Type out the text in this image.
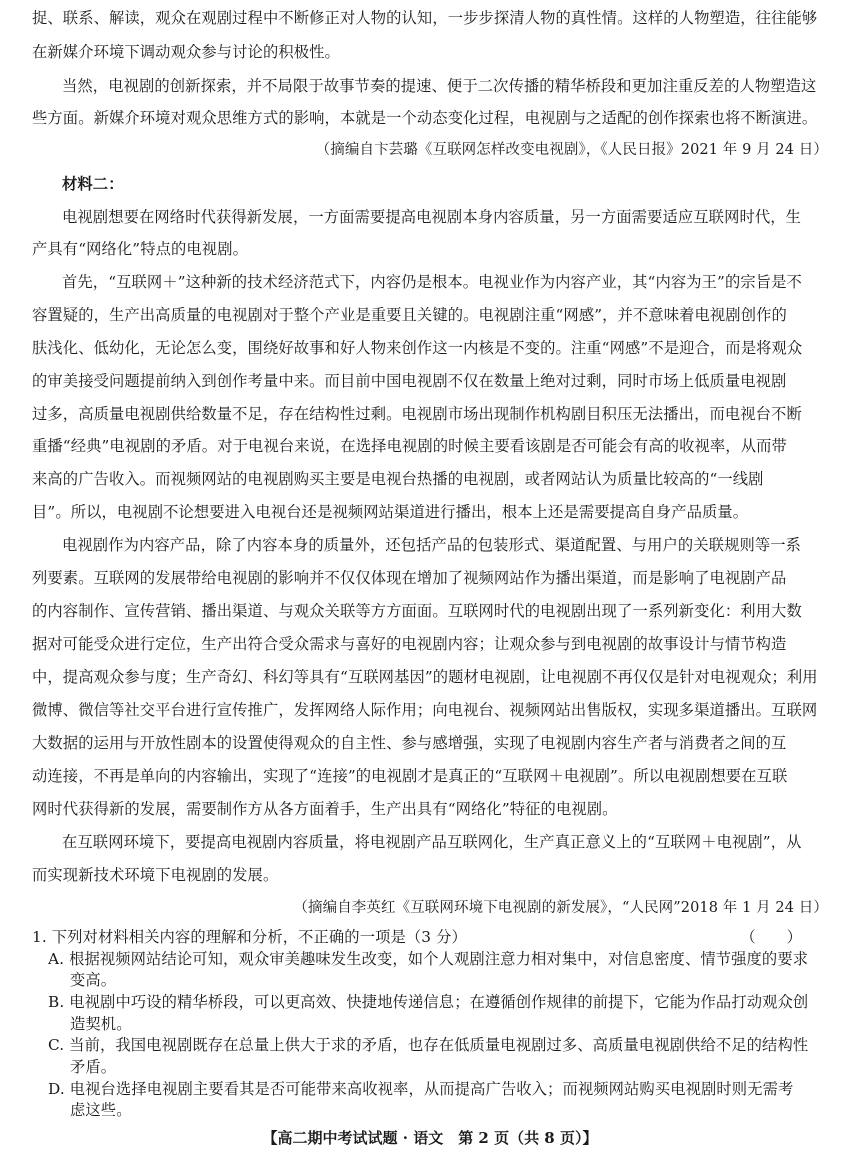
捉、联系、解读，观众在观剧过程中不断修正对人物的认知，一步步探清人物的真性情。这样的人物塑造，往往能够
在新媒介环境下调动观众参与讨论的积极性。
当然，电视剧的创新探索，并不局限于故事节奏的提速、便于二次传播的精华桥段和更加注重反差的人物塑造这
些方面。新媒介环境对观众思维方式的影响，本就是一个动态变化过程，电视剧与之适配的创作探索也将不断演进。
（摘编自卞芸璐《互联网怎样改变电视剧》，《人民日报》2021 年 9 月 24 日）
材料二：
电视剧想要在网络时代获得新发展，一方面需要提高电视剧本身内容质量，另一方面需要适应互联网时代，生
产具有“网络化”特点的电视剧。
首先，“互联网＋”这种新的技术经济范式下，内容仍是根本。电视业作为内容产业，其“内容为王”的宗旨是不
容置疑的，生产出高质量的电视剧对于整个产业是重要且关键的。电视剧注重“网感”，并不意味着电视剧创作的
肤浅化、低幼化，无论怎么变，围绕好故事和好人物来创作这一内核是不变的。注重“网感”不是迎合，而是将观众
的审美接受问题提前纳入到创作考量中来。而目前中国电视剧不仅在数量上绝对过剩，同时市场上低质量电视剧
过多，高质量电视剧供给数量不足，存在结构性过剩。电视剧市场出现制作机构剧目积压无法播出，而电视台不断
重播“经典”电视剧的矛盾。对于电视台来说，在选择电视剧的时候主要看该剧是否可能会有高的收视率，从而带
来高的广告收入。而视频网站的电视剧购买主要是电视台热播的电视剧，或者网站认为质量比较高的“一线剧
目”。所以，电视剧不论想要进入电视台还是视频网站渠道进行播出，根本上还是需要提高自身产品质量。
电视剧作为内容产品，除了内容本身的质量外，还包括产品的包装形式、渠道配置、与用户的关联规则等一系
列要素。互联网的发展带给电视剧的影响并不仅仅体现在增加了视频网站作为播出渠道，而是影响了电视剧产品
的内容制作、宣传营销、播出渠道、与观众关联等方方面面。互联网时代的电视剧出现了一系列新变化：利用大数
据对可能受众进行定位，生产出符合受众需求与喜好的电视剧内容；让观众参与到电视剧的故事设计与情节构造
中，提高观众参与度；生产奇幻、科幻等具有“互联网基因”的题材电视剧，让电视剧不再仅仅是针对电视观众；利用
微博、微信等社交平台进行宣传推广，发挥网络人际作用；向电视台、视频网站出售版权，实现多渠道播出。互联网
大数据的运用与开放性剧本的设置使得观众的自主性、参与感增强，实现了电视剧内容生产者与消费者之间的互
动连接，不再是单向的内容输出，实现了“连接”的电视剧才是真正的“互联网＋电视剧”。所以电视剧想要在互联
网时代获得新的发展，需要制作方从各方面着手，生产出具有“网络化”特征的电视剧。
在互联网环境下，要提高电视剧内容质量，将电视剧产品互联网化，生产真正意义上的“互联网＋电视剧”，从
而实现新技术环境下电视剧的发展。
（摘编自李英红《互联网环境下电视剧的新发展》，“人民网”2018 年 1 月 24 日）
1. 下列对材料相关内容的理解和分析，不正确的一项是（3 分）	（　　）
A. 根据视频网站结论可知，观众审美趣味发生改变，如个人观剧注意力相对集中，对信息密度、情节强度的要求
变高。
B. 电视剧中巧设的精华桥段，可以更高效、快捷地传递信息；在遵循创作规律的前提下，它能为作品打动观众创
造契机。
C. 当前，我国电视剧既存在总量上供大于求的矛盾，也存在低质量电视剧过多、高质量电视剧供给不足的结构性
矛盾。
D. 电视台选择电视剧主要看其是否可能带来高收视率，从而提高广告收入；而视频网站购买电视剧时则无需考
虑这些。
【高二期中考试试题 · 语文　第 2 页（共 8 页）】
